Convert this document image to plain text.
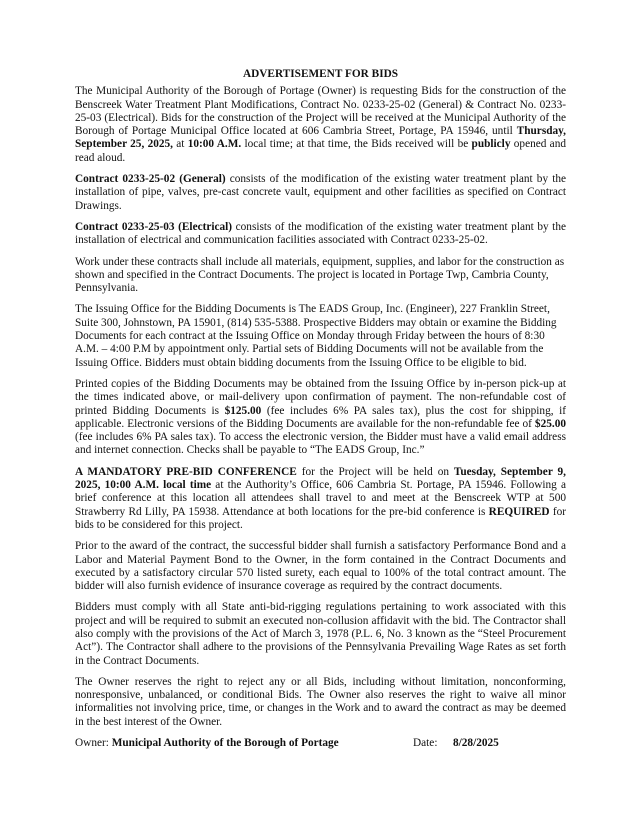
ADVERTISEMENT FOR BIDS

The Municipal Authority of the Borough of Portage (Owner) is requesting Bids for the construction of the Benscreek Water Treatment Plant Modifications, Contract No. 0233-25-02 (General) & Contract No. 0233-25-03 (Electrical). Bids for the construction of the Project will be received at the Municipal Authority of the Borough of Portage Municipal Office located at 606 Cambria Street, Portage, PA 15946, until Thursday, September 25, 2025, at 10:00 A.M. local time; at that time, the Bids received will be publicly opened and read aloud.

Contract 0233-25-02 (General) consists of the modification of the existing water treatment plant by the installation of pipe, valves, pre-cast concrete vault, equipment and other facilities as specified on Contract Drawings.

Contract 0233-25-03 (Electrical) consists of the modification of the existing water treatment plant by the installation of electrical and communication facilities associated with Contract 0233-25-02.

Work under these contracts shall include all materials, equipment, supplies, and labor for the construction as shown and specified in the Contract Documents. The project is located in Portage Twp, Cambria County, Pennsylvania.

The Issuing Office for the Bidding Documents is The EADS Group, Inc. (Engineer), 227 Franklin Street, Suite 300, Johnstown, PA 15901, (814) 535-5388. Prospective Bidders may obtain or examine the Bidding Documents for each contract at the Issuing Office on Monday through Friday between the hours of 8:30 A.M. – 4:00 P.M by appointment only. Partial sets of Bidding Documents will not be available from the Issuing Office. Bidders must obtain bidding documents from the Issuing Office to be eligible to bid.

Printed copies of the Bidding Documents may be obtained from the Issuing Office by in-person pick-up at the times indicated above, or mail-delivery upon confirmation of payment. The non-refundable cost of printed Bidding Documents is $125.00 (fee includes 6% PA sales tax), plus the cost for shipping, if applicable. Electronic versions of the Bidding Documents are available for the non-refundable fee of $25.00 (fee includes 6% PA sales tax). To access the electronic version, the Bidder must have a valid email address and internet connection. Checks shall be payable to “The EADS Group, Inc.”

A MANDATORY PRE-BID CONFERENCE for the Project will be held on Tuesday, September 9, 2025, 10:00 A.M. local time at the Authority’s Office, 606 Cambria St. Portage, PA 15946. Following a brief conference at this location all attendees shall travel to and meet at the Benscreek WTP at 500 Strawberry Rd Lilly, PA 15938. Attendance at both locations for the pre-bid conference is REQUIRED for bids to be considered for this project.

Prior to the award of the contract, the successful bidder shall furnish a satisfactory Performance Bond and a Labor and Material Payment Bond to the Owner, in the form contained in the Contract Documents and executed by a satisfactory circular 570 listed surety, each equal to 100% of the total contract amount. The bidder will also furnish evidence of insurance coverage as required by the contract documents.

Bidders must comply with all State anti-bid-rigging regulations pertaining to work associated with this project and will be required to submit an executed non-collusion affidavit with the bid. The Contractor shall also comply with the provisions of the Act of March 3, 1978 (P.L. 6, No. 3 known as the “Steel Procurement Act”). The Contractor shall adhere to the provisions of the Pennsylvania Prevailing Wage Rates as set forth in the Contract Documents.

The Owner reserves the right to reject any or all Bids, including without limitation, nonconforming, nonresponsive, unbalanced, or conditional Bids. The Owner also reserves the right to waive all minor informalities not involving price, time, or changes in the Work and to award the contract as may be deemed in the best interest of the Owner.

Owner: Municipal Authority of the Borough of Portage	Date: 8/28/2025
